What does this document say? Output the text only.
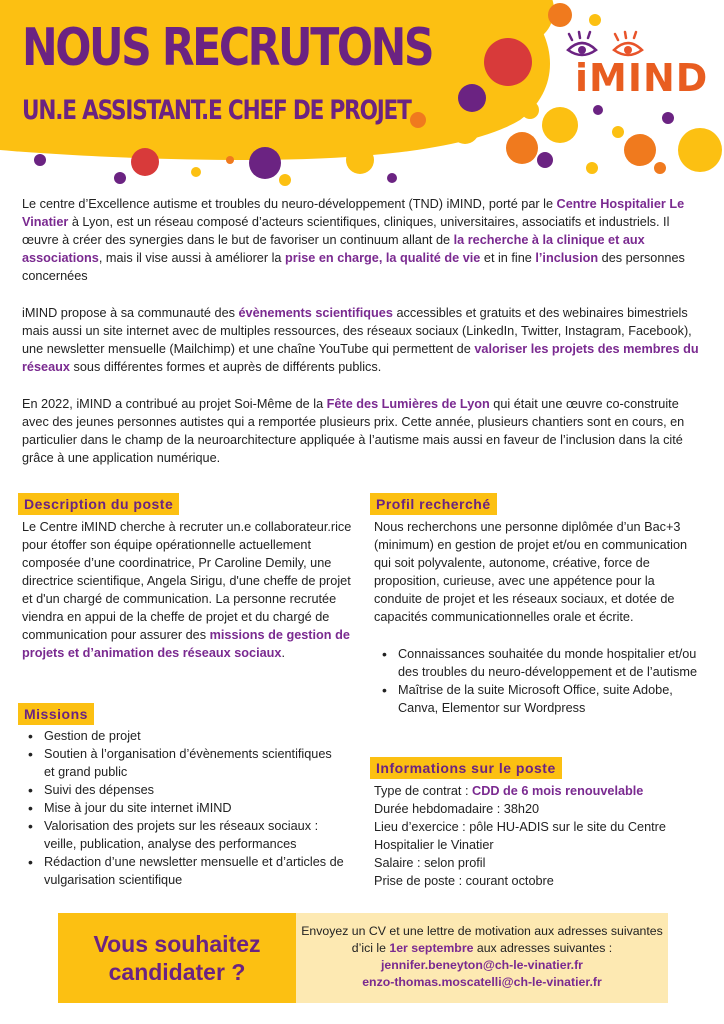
NOUS RECRUTONS
UN.E ASSISTANT.E CHEF DE PROJET
iMIND

Le centre d’Excellence autisme et troubles du neuro-développement (TND) iMIND, porté par le Centre Hospitalier Le Vinatier à Lyon, est un réseau composé d’acteurs scientifiques, cliniques, universitaires, associatifs et industriels. Il œuvre à créer des synergies dans le but de favoriser un continuum allant de la recherche à la clinique et aux associations, mais il vise aussi à améliorer la prise en charge, la qualité de vie et in fine l’inclusion des personnes concernées

iMIND propose à sa communauté des évènements scientifiques accessibles et gratuits et des webinaires bimestriels mais aussi un site internet avec de multiples ressources, des réseaux sociaux (LinkedIn, Twitter, Instagram, Facebook), une newsletter mensuelle (Mailchimp) et une chaîne YouTube qui permettent de valoriser les projets des membres du réseaux sous différentes formes et auprès de différents publics.

En 2022, iMIND a contribué au projet Soi-Même de la Fête des Lumières de Lyon qui était une œuvre co-construite avec des jeunes personnes autistes qui a remportée plusieurs prix. Cette année, plusieurs chantiers sont en cours, en particulier dans le champ de la neuroarchitecture appliquée à l’autisme mais aussi en faveur de l’inclusion dans la cité grâce à une application numérique.

Description du poste

Le Centre iMIND cherche à recruter un.e collaborateur.rice pour étoffer son équipe opérationnelle actuellement composée d’une coordinatrice, Pr Caroline Demily, une directrice scientifique, Angela Sirigu, d'une cheffe de projet et d'un chargé de communication. La personne recrutée viendra en appui de la cheffe de projet et du chargé de communication pour assurer des missions de gestion de projets et d’animation des réseaux sociaux.

Missions
• Gestion de projet
• Soutien à l’organisation d’évènements scientifiques et grand public
• Suivi des dépenses
• Mise à jour du site internet iMIND
• Valorisation des projets sur les réseaux sociaux : veille, publication, analyse des performances
• Rédaction d’une newsletter mensuelle et d’articles de vulgarisation scientifique
Profil recherché

Nous recherchons une personne diplômée d’un Bac+3 (minimum) en gestion de projet et/ou en communication qui soit polyvalente, autonome, créative, force de proposition, curieuse, avec une appétence pour la conduite de projet et les réseaux sociaux, et dotée de capacités communicationnelles orale et écrite.

• Connaissances souhaitée du monde hospitalier et/ou des troubles du neuro-développement et de l’autisme
• Maîtrise de la suite Microsoft Office, suite Adobe, Canva, Elementor sur Wordpress
Informations sur le poste
Type de contrat : CDD de 6 mois renouvelable
Durée hebdomadaire : 38h20
Lieu d’exercice : pôle HU-ADIS sur le site du Centre Hospitalier le Vinatier
Salaire : selon profil
Prise de poste : courant octobre
Vous souhaitez candidater ?
Envoyez un CV et une lettre de motivation aux adresses suivantes d’ici le 1er septembre aux adresses suivantes :
jennifer.beneyton@ch-le-vinatier.fr
enzo-thomas.moscatelli@ch-le-vinatier.fr
